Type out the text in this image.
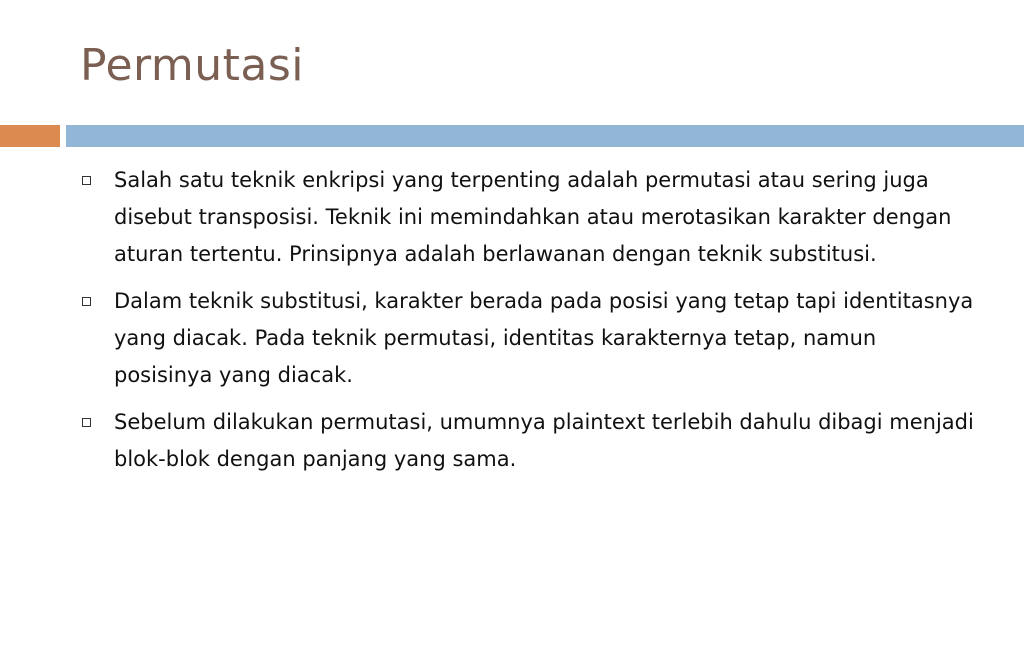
Permutasi
Salah satu teknik enkripsi yang terpenting adalah permutasi atau sering juga disebut transposisi. Teknik ini memindahkan atau merotasikan karakter dengan aturan tertentu. Prinsipnya adalah berlawanan dengan teknik substitusi.
Dalam teknik substitusi, karakter berada pada posisi yang tetap tapi identitasnya yang diacak. Pada teknik permutasi, identitas karakternya tetap, namun posisinya yang diacak.
Sebelum dilakukan permutasi, umumnya plaintext terlebih dahulu dibagi menjadi blok-blok dengan panjang yang sama.
